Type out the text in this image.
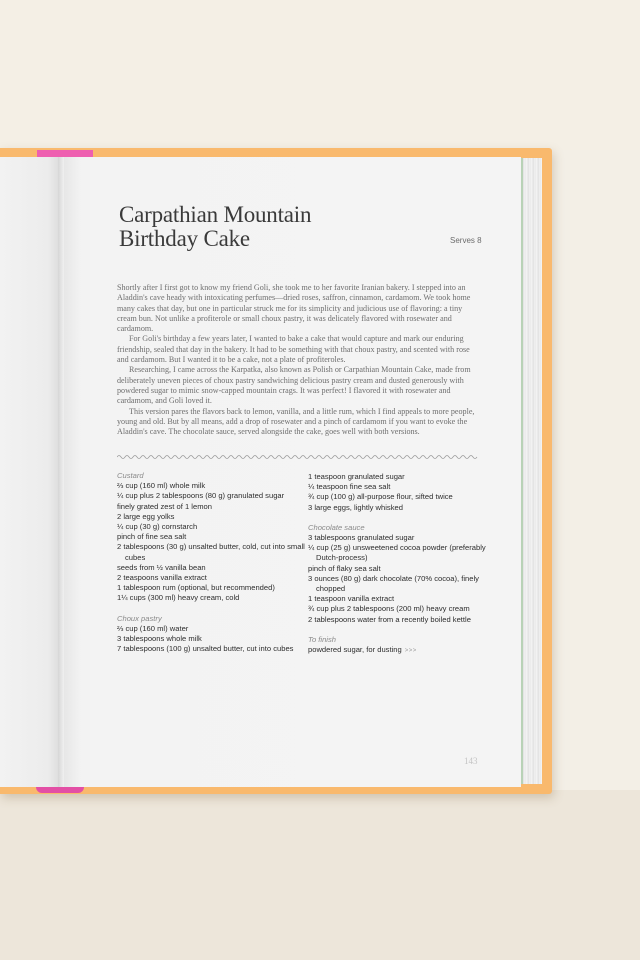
Carpathian Mountain
Birthday Cake	Serves 8

Shortly after I first got to know my friend Goli, she took me to her favorite Iranian bakery. I stepped into an Aladdin's cave heady with intoxicating perfumes—dried roses, saffron, cinnamon, cardamom. We took home many cakes that day, but one in particular struck me for its simplicity and judicious use of flavoring: a tiny cream bun. Not unlike a profiterole or small choux pastry, it was delicately flavored with rosewater and cardamom.

For Goli's birthday a few years later, I wanted to bake a cake that would capture and mark our enduring friendship, sealed that day in the bakery. It had to be something with that choux pastry, and scented with rose and cardamom. But I wanted it to be a cake, not a plate of profiteroles.

Researching, I came across the Karpatka, also known as Polish or Carpathian Mountain Cake, made from deliberately uneven pieces of choux pastry sandwiching delicious pastry cream and dusted generously with powdered sugar to mimic snow-capped mountain crags. It was perfect! I flavored it with rosewater and cardamom, and Goli loved it.

This version pares the flavors back to lemon, vanilla, and a little rum, which I find appeals to more people, young and old. But by all means, add a drop of rosewater and a pinch of cardamom if you want to evoke the Aladdin's cave. The chocolate sauce, served alongside the cake, goes well with both versions.

Custard
⅔ cup (160 ml) whole milk
¼ cup plus 2 tablespoons (80 g) granulated sugar
finely grated zest of 1 lemon
2 large egg yolks
¼ cup (30 g) cornstarch
pinch of fine sea salt
2 tablespoons (30 g) unsalted butter, cold, cut into small cubes
seeds from ½ vanilla bean
2 teaspoons vanilla extract
1 tablespoon rum (optional, but recommended)
1¼ cups (300 ml) heavy cream, cold
Choux pastry
⅔ cup (160 ml) water
3 tablespoons whole milk
7 tablespoons (100 g) unsalted butter, cut into cubes
1 teaspoon granulated sugar
¼ teaspoon fine sea salt
¾ cup (100 g) all-purpose flour, sifted twice
3 large eggs, lightly whisked
Chocolate sauce
3 tablespoons granulated sugar
¼ cup (25 g) unsweetened cocoa powder (preferably Dutch-process)
pinch of flaky sea salt
3 ounces (80 g) dark chocolate (70% cocoa), finely chopped
1 teaspoon vanilla extract
¾ cup plus 2 tablespoons (200 ml) heavy cream
2 tablespoons water from a recently boiled kettle
To finish
powdered sugar, for dusting >>>
143
